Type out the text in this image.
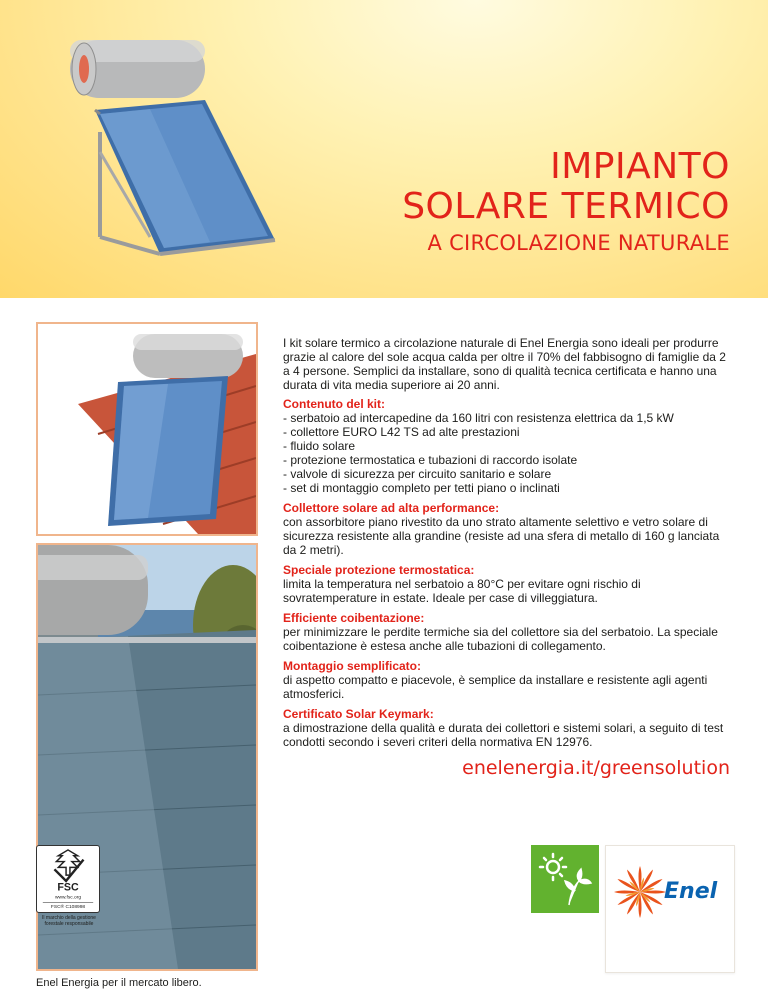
IMPIANTO
SOLARE TERMICO
A CIRCOLAZIONE NATURALE

I kit solare termico a circolazione naturale di Enel Energia sono ideali per produrre grazie al calore del sole acqua calda per oltre il 70% del fabbisogno di famiglie da 2 a 4 persone. Semplici da installare, sono di qualità tecnica certificata e hanno una durata di vita media superiore ai 20 anni.

Contenuto del kit:
- serbatoio ad intercapedine da 160 litri con resistenza elettrica da 1,5 kW
- collettore EURO L42 TS ad alte prestazioni
- fluido solare
- protezione termostatica e tubazioni di raccordo isolate
- valvole di sicurezza per circuito sanitario e solare
- set di montaggio completo per tetti piano o inclinati
Collettore solare ad alta performance:
con assorbitore piano rivestito da uno strato altamente selettivo e vetro solare di sicurezza resistente alla grandine (resiste ad una sfera di metallo di 160 g lanciata da 2 metri).
Speciale protezione termostatica:
limita la temperatura nel serbatoio a 80°C per evitare ogni rischio di sovratemperature in estate. Ideale per case di villeggiatura.
Efficiente coibentazione:
per minimizzare le perdite termiche sia del collettore sia del serbatoio. La speciale coibentazione è estesa anche alle tubazioni di collegamento.
Montaggio semplificato:
di aspetto compatto e piacevole, è semplice da installare e resistente agli agenti atmosferici.
Certificato Solar Keymark:
a dimostrazione della qualità e durata dei collettori e sistemi solari, a seguito di test condotti secondo i severi criteri della normativa EN 12976.
enelenergia.it/greensolution
FSC
www.fsc.org
FSC® C108998
Il marchio della gestione forestale responsabile
Enel Energia per il mercato libero.
Enel
